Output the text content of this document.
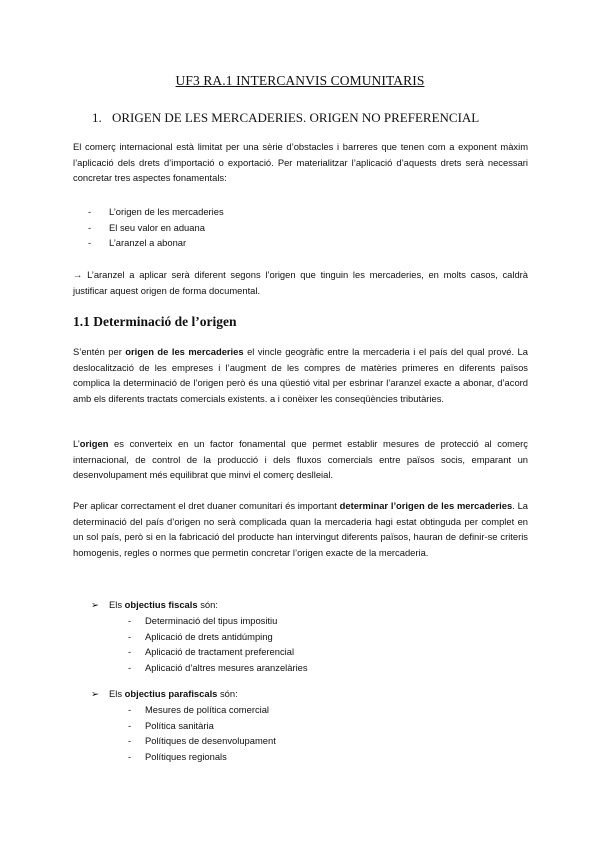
UF3 RA.1 INTERCANVIS COMUNITARIS
1. ORIGEN DE LES MERCADERIES. ORIGEN NO PREFERENCIAL
El comerç internacional està limitat per una sèrie d’obstacles i barreres que tenen com a exponent màxim l’aplicació dels drets d’importació o exportació. Per materialitzar l’aplicació d’aquests drets serà necessari concretar tres aspectes fonamentals:
- L’origen de les mercaderies
- El seu valor en aduana
- L’aranzel a abonar
→ L’aranzel a aplicar serà diferent segons l’origen que tinguin les mercaderies, en molts casos, caldrà justificar aquest origen de forma documental.
1.1 Determinació de l’origen
S’entén per origen de les mercaderies el vincle geogràfic entre la mercaderia i el país del qual prové. La deslocalització de les empreses i l’augment de les compres de matèries primeres en diferents països complica la determinació de l’origen però és una qüestió vital per esbrinar l’aranzel exacte a abonar, d’acord amb els diferents tractats comercials existents. a i conèixer les conseqüències tributàries.
L’origen es converteix en un factor fonamental que permet establir mesures de protecció al comerç internacional, de control de la producció i dels fluxos comercials entre països socis, emparant un desenvolupament més equilibrat que minvi el comerç deslleial.
Per aplicar correctament el dret duaner comunitari és important determinar l’origen de les mercaderies. La determinació del país d’origen no serà complicada quan la mercaderia hagi estat obtinguda per complet en un sol país, però si en la fabricació del producte han intervingut diferents països, hauran de definir-se criteris homogenis, regles o normes que permetin concretar l’origen exacte de la mercaderia.
➢ Els objectius fiscals són:
- Determinació del tipus impositiu
- Aplicació de drets antidúmping
- Aplicació de tractament preferencial
- Aplicació d’altres mesures aranzelàries
➢ Els objectius parafiscals són:
- Mesures de política comercial
- Política sanitària
- Polítiques de desenvolupament
- Polítiques regionals
